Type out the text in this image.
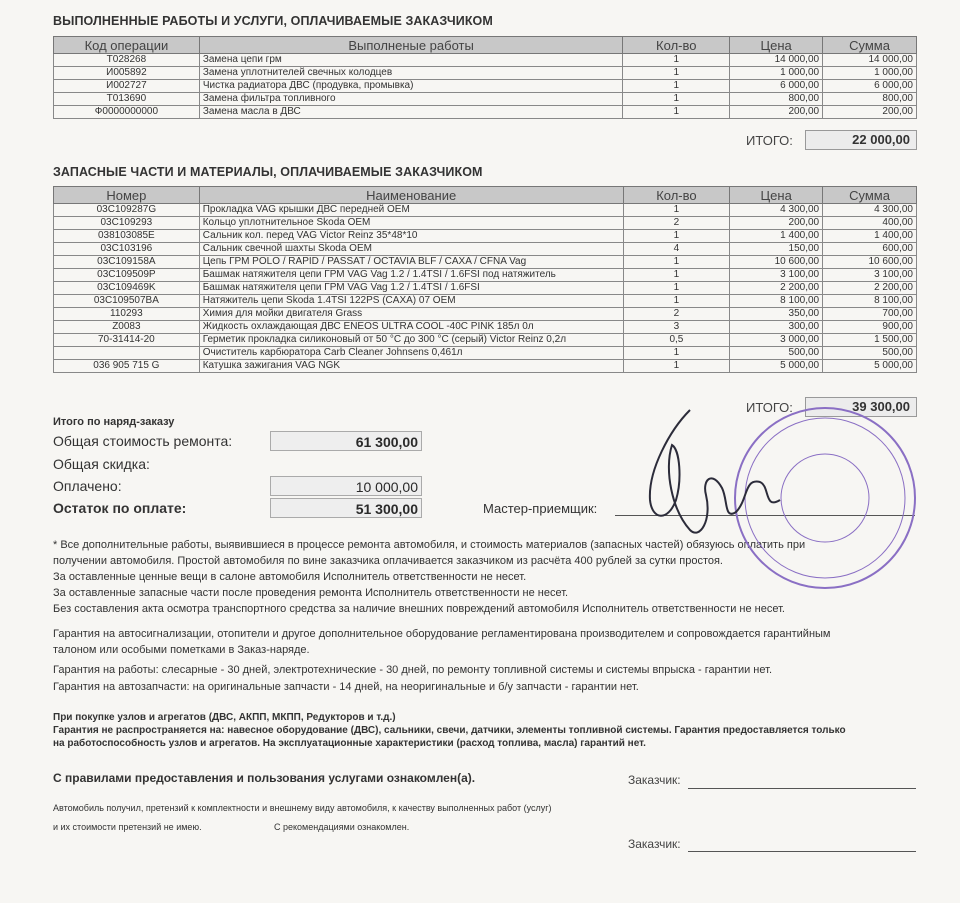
ВЫПОЛНЕННЫЕ РАБОТЫ И УСЛУГИ, ОПЛАЧИВАЕМЫЕ ЗАКАЗЧИКОМ
Код операции	Выполненые работы	Кол-во	Цена	Сумма
T028268	Замена цепи грм	1	14 000,00	14 000,00
И005892	Замена уплотнителей свечных колодцев	1	1 000,00	1 000,00
И002727	Чистка радиатора ДВС (продувка, промывка)	1	6 000,00	6 000,00
T013690	Замена фильтра топливного	1	800,00	800,00
Ф0000000000	Замена масла в ДВС	1	200,00	200,00
ИТОГО:	22 000,00
ЗАПАСНЫЕ ЧАСТИ И МАТЕРИАЛЫ, ОПЛАЧИВАЕМЫЕ ЗАКАЗЧИКОМ
Номер	Наименование	Кол-во	Цена	Сумма
03C109287G	Прокладка VAG крышки ДВС передней OEM	1	4 300,00	4 300,00
03C109293	Кольцо уплотнительное Skoda OEM	2	200,00	400,00
038103085E	Сальник кол. перед VAG Victor Reinz 35*48*10	1	1 400,00	1 400,00
03C103196	Сальник свечной шахты Skoda OEM	4	150,00	600,00
03C109158A	Цепь ГРМ POLO / RAPID / PASSAT / OCTAVIA BLF / CAXA / CFNA Vag	1	10 600,00	10 600,00
03C109509P	Башмак натяжителя цепи ГРМ VAG Vag 1.2 / 1.4TSI / 1.6FSI под натяжитель	1	3 100,00	3 100,00
03C109469K	Башмак натяжителя цепи ГРМ VAG Vag 1.2 / 1.4TSI / 1.6FSI	1	2 200,00	2 200,00
03C109507BA	Натяжитель цепи Skoda 1.4TSI 122PS (CAXA) 07 OEM	1	8 100,00	8 100,00
110293	Химия для мойки двигателя Grass	2	350,00	700,00
Z0083	Жидкость охлаждающая ДВС ENEOS ULTRA COOL -40C PINK 185л 0л	3	300,00	900,00
70-31414-20	Герметик прокладка силиконовый от 50 °C до 300 °C (серый) Victor Reinz 0,2л	0,5	3 000,00	1 500,00
	Очиститель карбюратора Carb Cleaner Johnsens 0,461л	1	500,00	500,00
036 905 715 G	Катушка зажигания VAG NGK	1	5 000,00	5 000,00
ИТОГО:	39 300,00
Итого по наряд-заказу
Общая стоимость ремонта:	61 300,00
Общая скидка:
Оплачено:	10 000,00
Остаток по оплате:	51 300,00	Мастер-приемщик:
* Все дополнительные работы, выявившиеся в процессе ремонта автомобиля, и стоимость материалов (запасных частей) обязуюсь оплатить при
получении автомобиля. Простой автомобиля по вине заказчика оплачивается заказчиком из расчёта 400 рублей за сутки простоя.
За оставленные ценные вещи в салоне автомобиля Исполнитель ответственности не несет.
За оставленные запасные части после проведения ремонта Исполнитель ответственности не несет.
Без составления акта осмотра транспортного средства за наличие внешних повреждений автомобиля Исполнитель ответственности не несет.
Гарантия на автосигнализации, отопители и другое дополнительное оборудование регламентирована производителем и сопровождается гарантийным
талоном или особыми пометками в Заказ-наряде.
Гарантия на работы: слесарные - 30 дней, электротехнические - 30 дней, по ремонту топливной системы и системы впрыска - гарантии нет.
Гарантия на автозапчасти: на оригинальные запчасти - 14 дней, на неоригинальные и б/у запчасти - гарантии нет.
При покупке узлов и агрегатов (ДВС, АКПП, МКПП, Редукторов и т.д.)
Гарантия не распространяется на: навесное оборудование (ДВС), сальники, свечи, датчики, элементы топливной системы. Гарантия предоставляется только
на работоспособность узлов и агрегатов. На эксплуатационные характеристики (расход топлива, масла) гарантий нет.
С правилами предоставления и пользования услугами ознакомлен(а).	Заказчик:
Автомобиль получил, претензий к комплектности и внешнему виду автомобиля, к качеству выполненных работ (услуг)
и их стоимости претензий не имею.	С рекомендациями ознакомлен.
Заказчик:
